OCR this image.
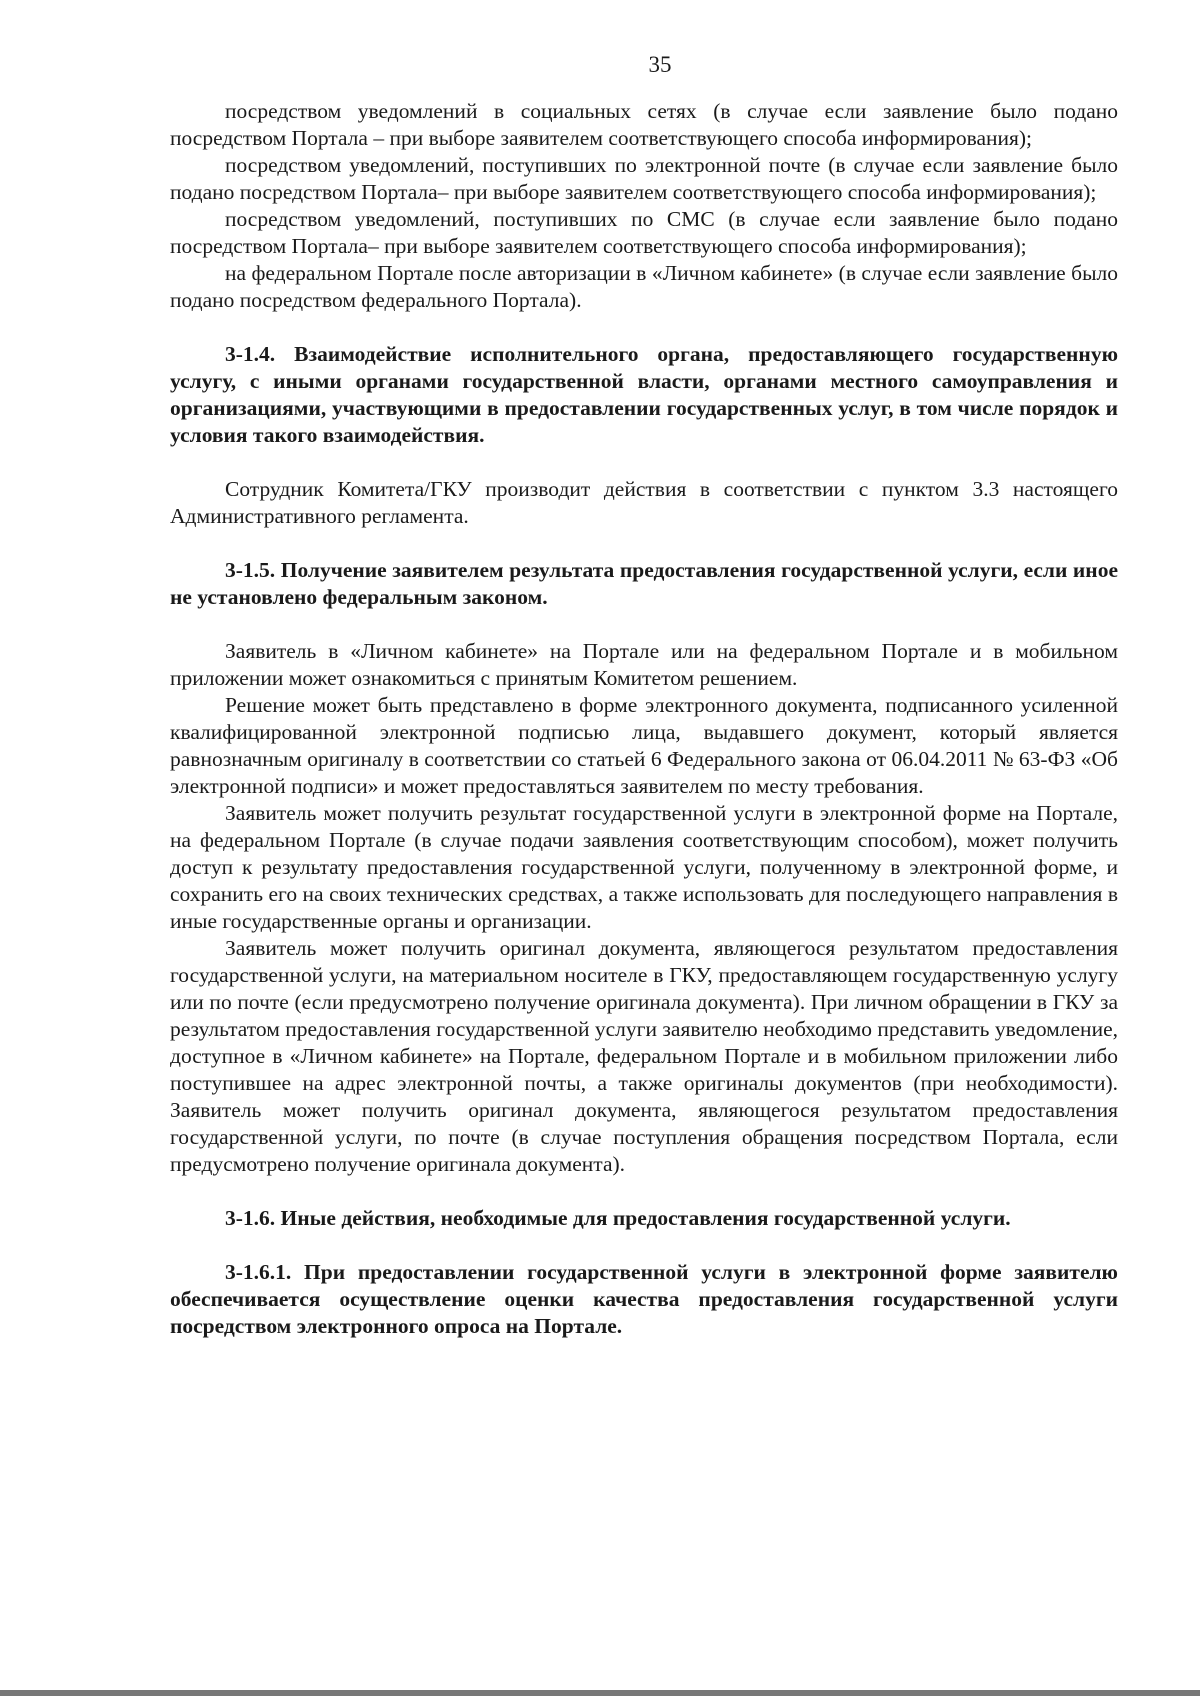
35

посредством уведомлений в социальных сетях (в случае если заявление было подано посредством Портала – при выборе заявителем соответствующего способа информирования);

посредством уведомлений, поступивших по электронной почте (в случае если заявление было подано посредством Портала– при выборе заявителем соответствующего способа информирования);

посредством уведомлений, поступивших по СМС (в случае если заявление было подано посредством Портала– при выборе заявителем соответствующего способа информирования);

на федеральном Портале после авторизации в «Личном кабинете» (в случае если заявление было подано посредством федерального Портала).

3-1.4. Взаимодействие исполнительного органа, предоставляющего государственную услугу, с иными органами государственной власти, органами местного самоуправления и организациями, участвующими в предоставлении государственных услуг, в том числе порядок и условия такого взаимодействия.

Сотрудник Комитета/ГКУ производит действия в соответствии с пунктом 3.3 настоящего Административного регламента.

3-1.5. Получение заявителем результата предоставления государственной услуги, если иное не установлено федеральным законом.

Заявитель в «Личном кабинете» на Портале или на федеральном Портале и в мобильном приложении может ознакомиться с принятым Комитетом решением.

Решение может быть представлено в форме электронного документа, подписанного усиленной квалифицированной электронной подписью лица, выдавшего документ, который является равнозначным оригиналу в соответствии со статьей 6 Федерального закона от 06.04.2011 № 63-ФЗ «Об электронной подписи» и может предоставляться заявителем по месту требования.

Заявитель может получить результат государственной услуги в электронной форме на Портале, на федеральном Портале (в случае подачи заявления соответствующим способом), может получить доступ к результату предоставления государственной услуги, полученному в электронной форме, и сохранить его на своих технических средствах, а также использовать для последующего направления в иные государственные органы и организации.

Заявитель может получить оригинал документа, являющегося результатом предоставления государственной услуги, на материальном носителе в ГКУ, предоставляющем государственную услугу или по почте (если предусмотрено получение оригинала документа). При личном обращении в ГКУ за результатом предоставления государственной услуги заявителю необходимо представить уведомление, доступное в «Личном кабинете» на Портале, федеральном Портале и в мобильном приложении либо поступившее на адрес электронной почты, а также оригиналы документов (при необходимости). Заявитель может получить оригинал документа, являющегося результатом предоставления государственной услуги, по почте (в случае поступления обращения посредством Портала, если предусмотрено получение оригинала документа).

3-1.6. Иные действия, необходимые для предоставления государственной услуги.

3-1.6.1. При предоставлении государственной услуги в электронной форме заявителю обеспечивается осуществление оценки качества предоставления государственной услуги посредством электронного опроса на Портале.
